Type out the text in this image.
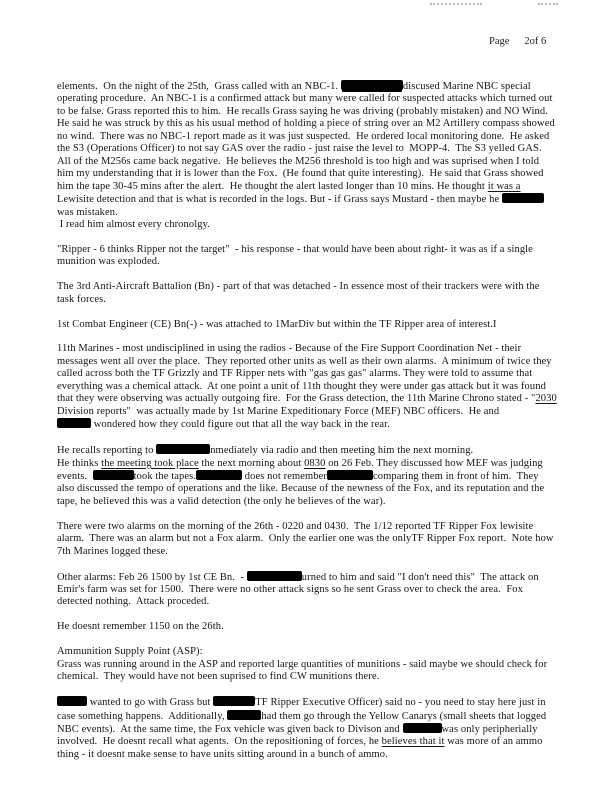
Page 2of 6

elements.  On the night of the 25th,  Grass called with an NBC-1.	discused Marine NBC special operating procedure.  An NBC-1 is a confirmed attack but many were called for suspected attacks which turned out to be false. Grass reported this to him.  He recalls Grass saying he was driving (probably mistaken) and NO Wind.  He said he was struck by this as his usual method of holding a piece of string over an M2 Artillery compass showed no wind.  There was no NBC-1 report made as it was just suspected.  He ordered local monitoring done.  He asked the S3 (Operations Officer) to not say GAS over the radio - just raise the level to  MOPP-4.  The S3 yelled GAS.  All of the M256s came back negative.  He believes the M256 threshold is too high and was suprised when I told him my understanding that it is lower than the Fox.  (He found that quite interesting).  He said that Grass showed him the tape 30-45 mins after the alert.  He thought the alert lasted longer than 10 mins. He thought it was a Lewisite detection and that is what is recorded in the logs. But - if Grass says Mustard - then maybe he	was mistaken.
I read him almost every chronolgy.

"Ripper - 6 thinks Ripper not the target"  - his response - that would have been about right- it was as if a single munition was exploded.

The 3rd Anti-Aircraft Battalion (Bn) - part of that was detached - In essence most of their trackers were with the task forces.

1st Combat Engineer (CE) Bn(-) - was attached to 1MarDiv but within the TF Ripper area of interest.I

11th Marines - most undisciplined in using the radios - Because of the Fire Support Coordination Net - their messages went all over the place.  They reported other units as well as their own alarms.  A minimum of twice they called across both the TF Grizzly and TF Ripper nets with "gas gas gas" alarms. They were told to assume that everything was a chemical attack.  At one point a unit of 11th thought they were under gas attack but it was found that they were observing was actually outgoing fire.  For the Grass detection, the 11th Marine Chrono stated - "2030 Division reports"  was actually made by 1st Marine Expeditionary Force (MEF) NBC officers.  He and
wondered how they could figure out that all the way back in the rear.

He recalls reporting to	nmediately via radio and then meeting him the next morning.
He thinks the meeting took place the next morning about 0830 on 26 Feb. They discussed how MEF was judging events.	took the tapes.	does not remember	comparing them in front of him.  They also discussed the tempo of operations and the like. Because of the newness of the Fox, and its reputation and the tape, he believed this was a valid detection (the only he believes of the war).

There were two alarms on the morning of the 26th - 0220 and 0430.  The 1/12 reported TF Ripper Fox lewisite alarm.  There was an alarm but not a Fox alarm.  Only the earlier one was the onlyTF Ripper Fox report.  Note how 7th Marines logged these.

Other alarms: Feb 26 1500 by 1st CE Bn.  -	urned to him and said "I don't need this"  The attack on Emir's farm was set for 1500.  There were no other attack signs so he sent Grass over to check the area.  Fox detected nothing.  Attack proceded.

He doesnt remember 1150 on the 26th.

Ammunition Supply Point (ASP):
Grass was running around in the ASP and reported large quantities of munitions - said maybe we should check for chemical.  They would have not been suprised to find CW munitions there.

wanted to go with Grass but	TF Ripper Executive Officer) said no - you need to stay here just in case something happens.  Additionally,	had them go through the Yellow Canarys (small sheets that logged NBC events).  At the same time, the Fox vehicle was given back to Divison and	was only peripherially involved.  He doesnt recall what agents.  On the repositioning of forces, he believes that it was more of an ammo thing - it doesnt make sense to have units sitting around in a bunch of ammo.
